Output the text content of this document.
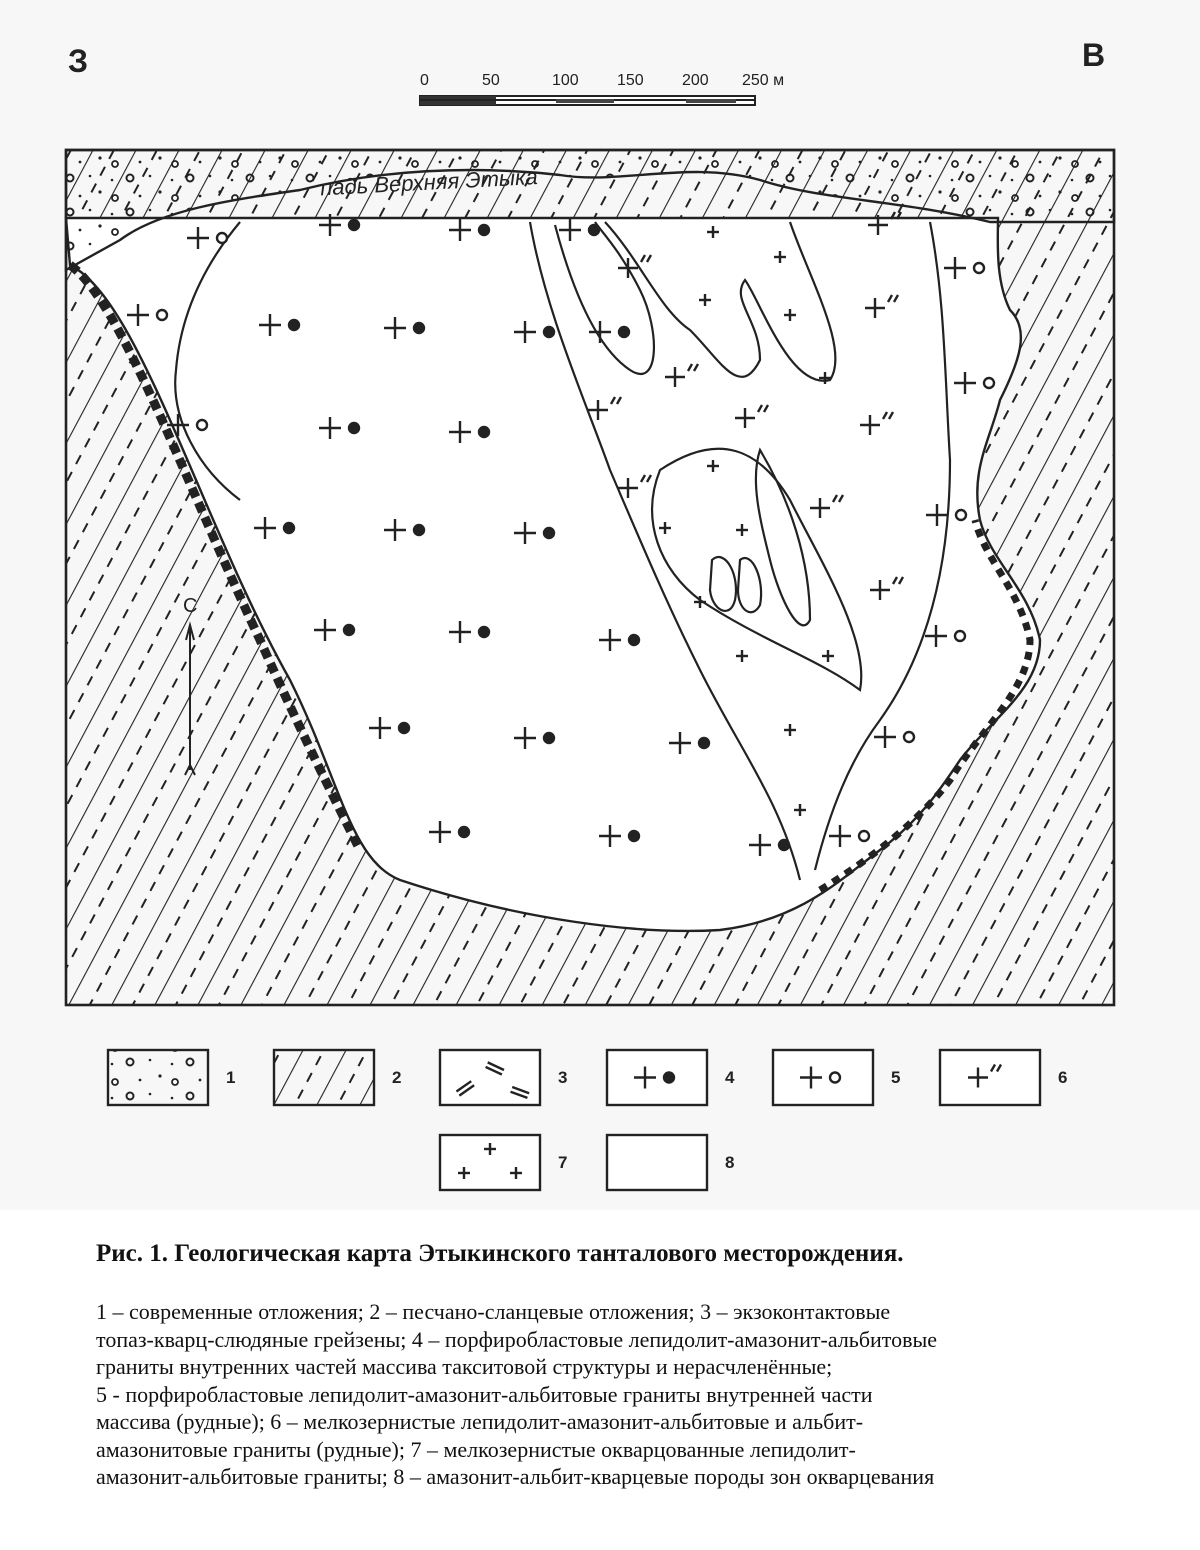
З	В
0	50	100 150 200 250 м
падь Верхняя Этыка
С
1	2	3	4	5	6
7	8

Рис. 1. Геологическая карта Этыкинского танталового месторождения.

1 – современные отложения; 2 – песчано-сланцевые отложения; 3 – экзоконтактовые

топаз-кварц-слюдяные грейзены; 4 – порфиробластовые лепидолит-амазонит-альбитовые

граниты внутренних частей массива такситовой структуры и нерасчленённые;

5 - порфиробластовые лепидолит-амазонит-альбитовые граниты внутренней части

массива (рудные); 6 – мелкозернистые лепидолит-амазонит-альбитовые и альбит-

амазонитовые граниты (рудные); 7 – мелкозернистые окварцованные лепидолит-

амазонит-альбитовые граниты; 8 – амазонит-альбит-кварцевые породы зон окварцевания
